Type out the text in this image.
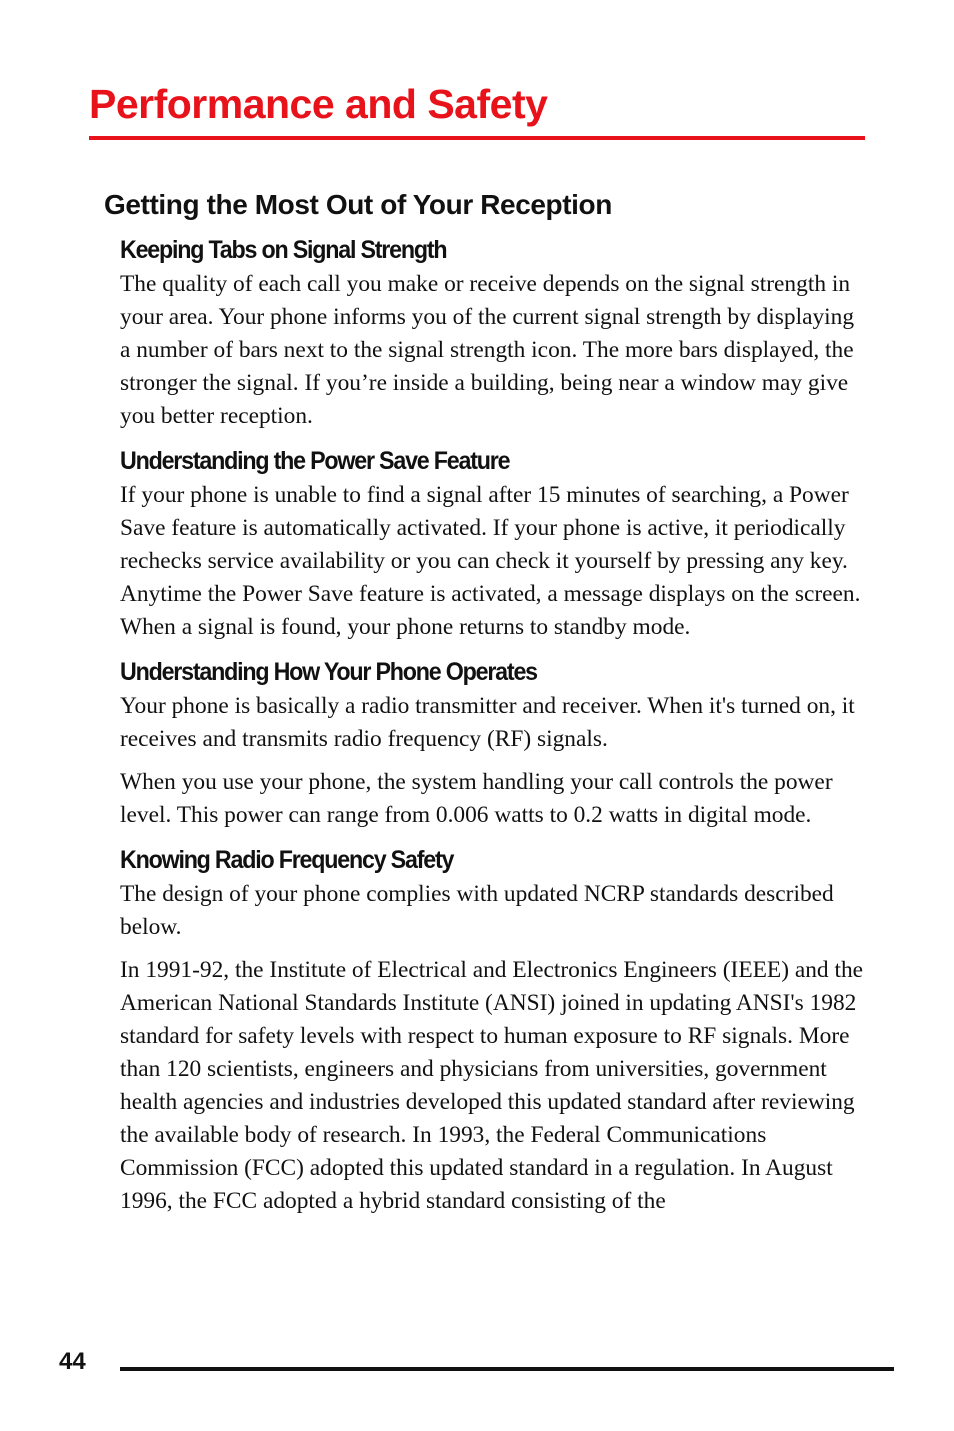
Performance and Safety
Getting the Most Out of Your Reception
Keeping Tabs on Signal Strength

The quality of each call you make or receive depends on the signal strength in your area. Your phone informs you of the current signal strength by displaying a number of bars next to the signal strength icon. The more bars displayed, the stronger the signal. If you’re inside a building, being near a window may give you better reception.

Understanding the Power Save Feature

If your phone is unable to find a signal after 15 minutes of searching, a Power Save feature is automatically activated. If your phone is active, it periodically rechecks service availability or you can check it yourself by pressing any key. Anytime the Power Save feature is activated, a message displays on the screen. When a signal is found, your phone returns to standby mode.

Understanding How Your Phone Operates

Your phone is basically a radio transmitter and receiver. When it's turned on, it receives and transmits radio frequency (RF) signals.

When you use your phone, the system handling your call controls the power level. This power can range from 0.006 watts to 0.2 watts in digital mode.

Knowing Radio Frequency Safety

The design of your phone complies with updated NCRP standards described below.

In 1991-92, the Institute of Electrical and Electronics Engineers (IEEE) and the American National Standards Institute (ANSI) joined in updating ANSI's 1982 standard for safety levels with respect to human exposure to RF signals. More than 120 scientists, engineers and physicians from universities, government health agencies and industries developed this updated standard after reviewing the available body of research. In 1993, the Federal Communications Commission (FCC) adopted this updated standard in a regulation. In August 1996, the FCC adopted a hybrid standard consisting of the

44
